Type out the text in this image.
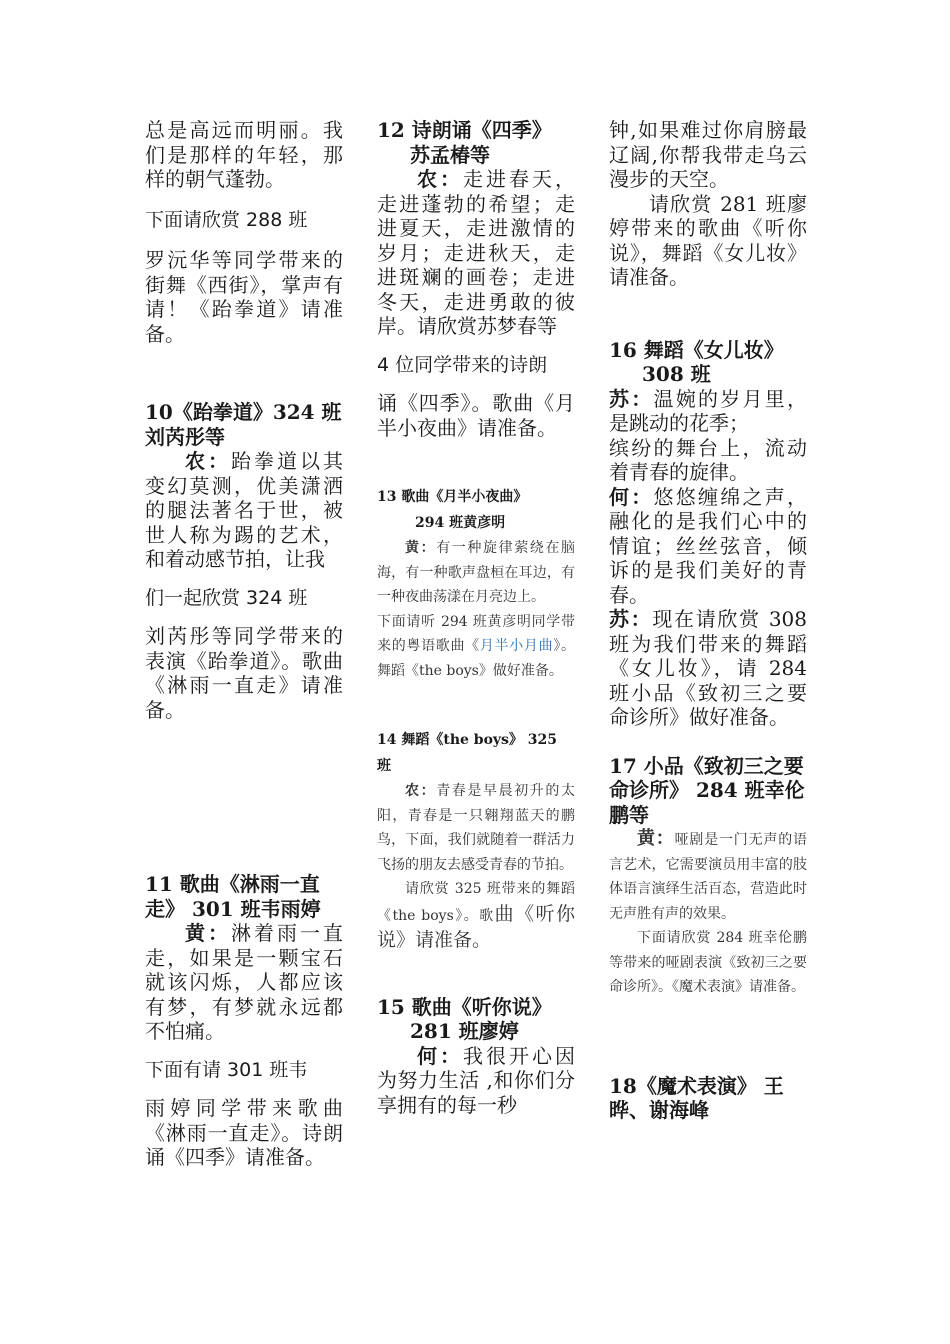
总是高远而明丽。我们是那样的年轻，那样的朝气蓬勃。

下面请欣赏 288 班

罗沅华等同学带来的街舞《西街》，掌声有请！《跆拳道》请准备。

10《跆拳道》324 班刘芮彤等

农：跆拳道以其变幻莫测，优美潇洒的腿法著名于世，被世人称为踢的艺术，和着动感节拍，让我

们一起欣赏 324 班

刘芮彤等同学带来的表演《跆拳道》。歌曲《淋雨一直走》请准备。

11 歌曲《淋雨一直走》 301 班韦雨婷

黄：淋着雨一直走，如果是一颗宝石就该闪烁，人都应该有梦，有梦就永远都不怕痛。

下面有请 301 班韦

雨婷同学带来歌曲《淋雨一直走》。诗朗诵《四季》请准备。

12 诗朗诵《四季》
苏孟椿等

农：走进春天，走进蓬勃的希望；走进夏天，走进激情的岁月；走进秋天，走进斑斓的画卷；走进冬天，走进勇敢的彼岸。请欣赏苏梦春等

4 位同学带来的诗朗

诵《四季》。歌曲《月半小夜曲》请准备。

13 歌曲《月半小夜曲》
294 班黄彦明

黄：有一种旋律萦绕在脑海，有一种歌声盘桓在耳边，有一种夜曲荡漾在月亮边上。

下面请听 294 班黄彦明同学带来的粤语歌曲《月半小月曲》。舞蹈《the boys》做好准备。

14 舞蹈《the boys》 325 班

农：青春是早晨初升的太阳，青春是一只翱翔蓝天的鹏鸟，下面，我们就随着一群活力飞扬的朋友去感受青春的节拍。

请欣赏 325 班带来的舞蹈《the boys》。歌曲《听你说》请准备。

15 歌曲《听你说》
281 班廖婷

何：我很开心因为努力生活 ,和你们分享拥有的每一秒

钟,如果难过你肩膀最辽阔,你帮我带走乌云漫步的天空。

请欣赏 281 班廖婷带来的歌曲《听你说》，舞蹈《女儿妆》请准备。

16 舞蹈《女儿妆》
308 班

苏：温婉的岁月里，是跳动的花季；

缤纷的舞台上，流动着青春的旋律。

何：悠悠缠绵之声，融化的是我们心中的情谊；丝丝弦音，倾诉的是我们美好的青春。

苏：现在请欣赏 308 班为我们带来的舞蹈《女儿妆》，请 284 班小品《致初三之要命诊所》做好准备。

17 小品《致初三之要命诊所》 284 班幸伦鹏等

黄：哑剧是一门无声的语言艺术，它需要演员用丰富的肢体语言演绎生活百态，营造此时无声胜有声的效果。

下面请欣赏 284 班幸伦鹏等带来的哑剧表演《致初三之要命诊所》。《魔术表演》请准备。

18《魔术表演》 王晔、谢海峰
